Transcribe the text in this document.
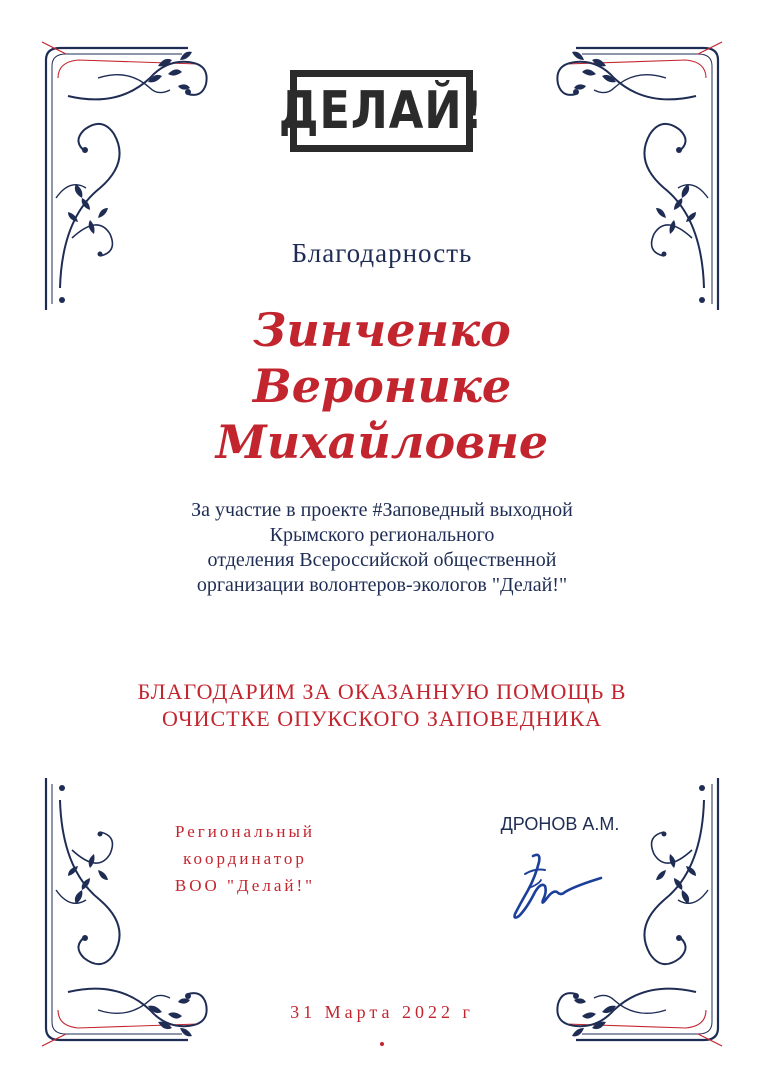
ДЕЛАЙ!
Благодарность
Зинченко
Веронике
Михайловне
За участие в проекте #Заповедный выходной
Крымского регионального
отделения Всероссийской общественной
организации волонтеров-экологов "Делай!"
БЛАГОДАРИМ ЗА ОКАЗАННУЮ ПОМОЩЬ В
ОЧИСТКЕ ОПУКСКОГО ЗАПОВЕДНИКА
Региональный
координатор
ВОО "Делай!"
ДРОНОВ А.М.
31 Марта 2022 г
